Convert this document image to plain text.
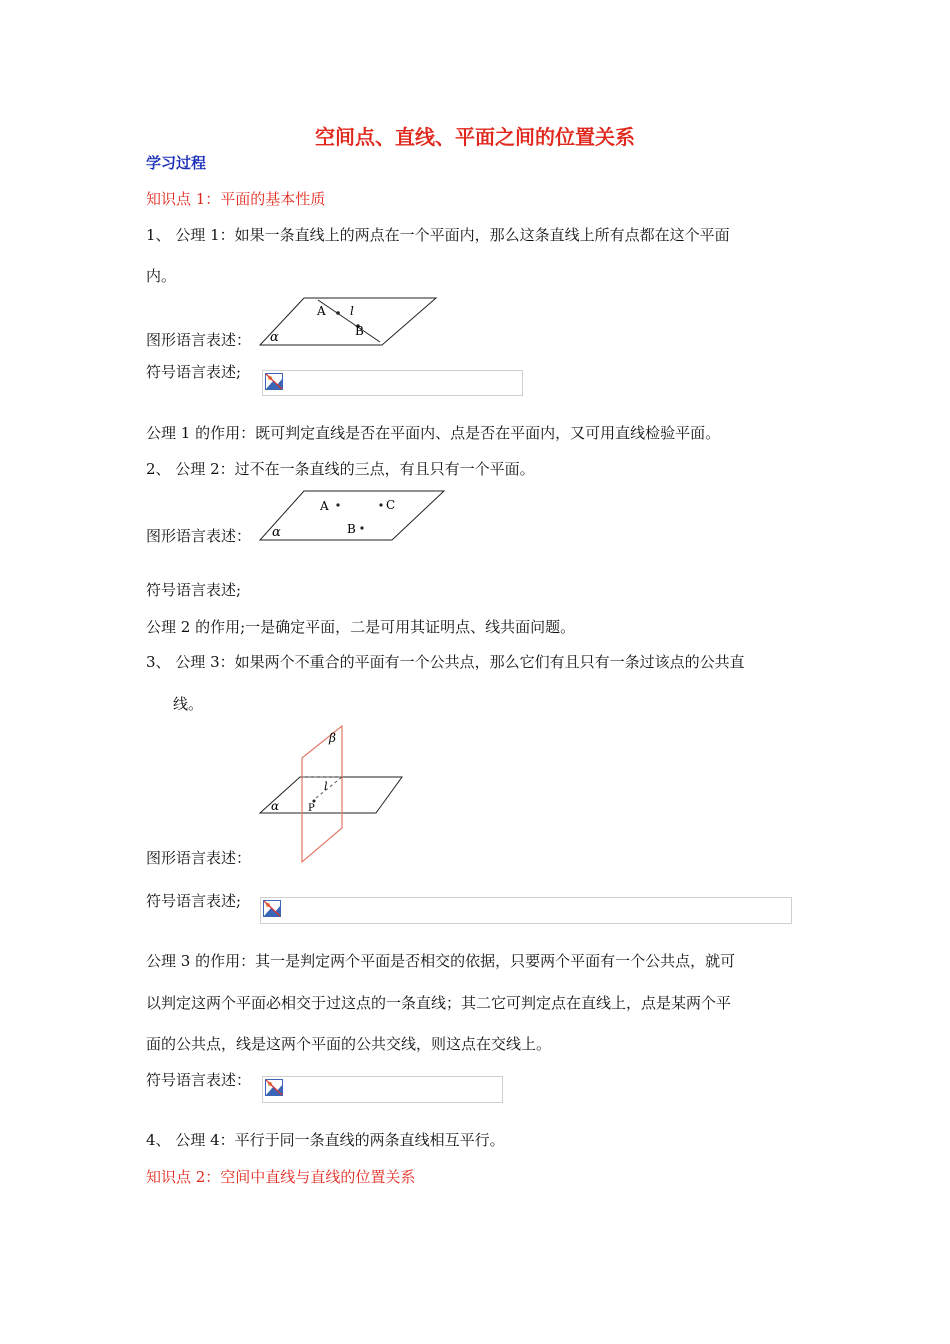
空间点、直线、平面之间的位置关系
学习过程
知识点 1：平面的基本性质
1、 公理 1：如果一条直线上的两点在一个平面内，那么这条直线上所有点都在这个平面
内。
图形语言表述：
A
B
l
α
符号语言表述;
公理 1 的作用：既可判定直线是否在平面内、点是否在平面内，又可用直线检验平面。
2、 公理 2：过不在一条直线的三点，有且只有一个平面。
图形语言表述：
A	C
B
α
符号语言表述;
公理 2 的作用;一是确定平面，二是可用其证明点、线共面问题。
3、 公理 3：如果两个不重合的平面有一个公共点，那么它们有且只有一条过该点的公共直
线。
图形语言表述：
β
α
l
P
符号语言表述;
公理 3 的作用：其一是判定两个平面是否相交的依据，只要两个平面有一个公共点，就可
以判定这两个平面必相交于过这点的一条直线；其二它可判定点在直线上，点是某两个平
面的公共点，线是这两个平面的公共交线，则这点在交线上。
符号语言表述：
4、 公理 4：平行于同一条直线的两条直线相互平行。
知识点 2：空间中直线与直线的位置关系
